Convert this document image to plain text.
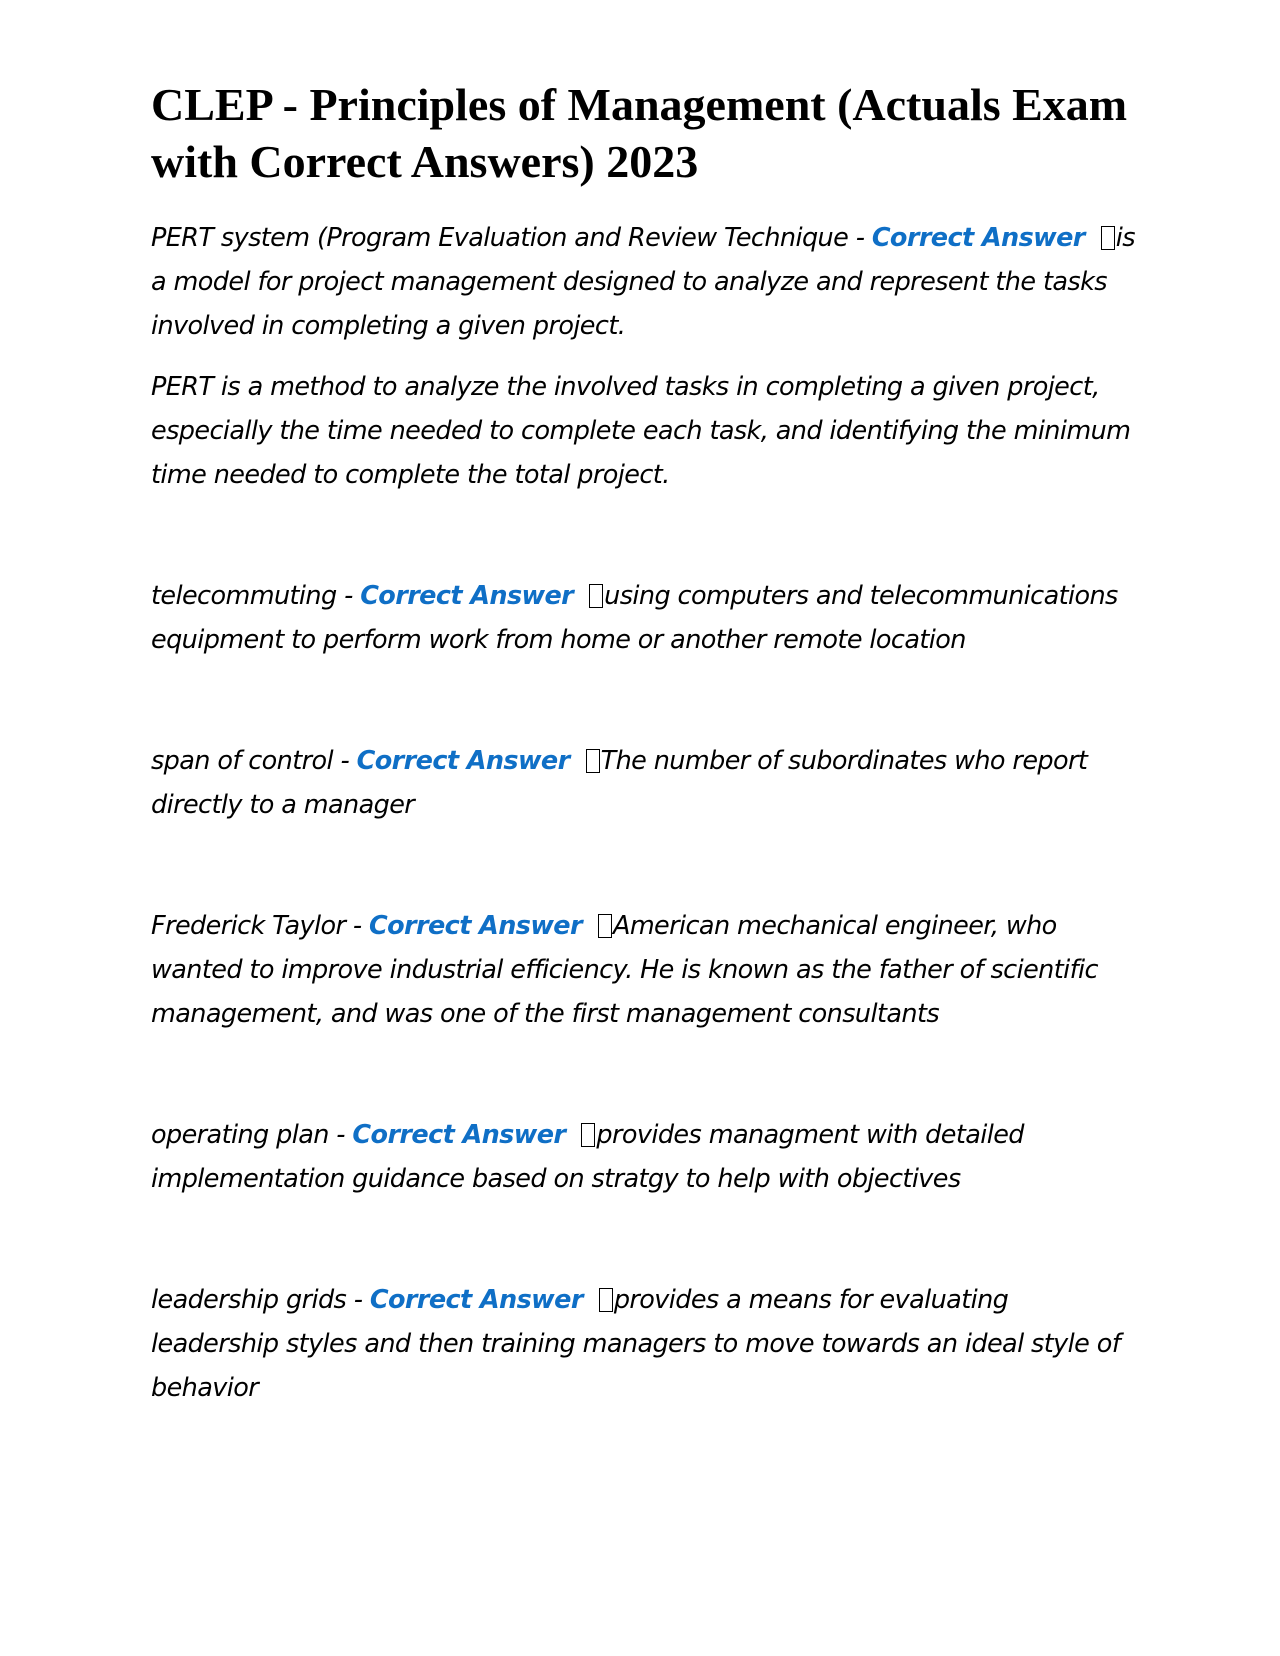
CLEP - Principles of Management (Actuals Exam with Correct Answers) 2023

PERT system (Program Evaluation and Review Technique - Correct Answer is a model for project management designed to analyze and represent the tasks involved in completing a given project.

PERT is a method to analyze the involved tasks in completing a given project, especially the time needed to complete each task, and identifying the minimum time needed to complete the total project.

telecommuting - Correct Answer using computers and telecommunications equipment to perform work from home or another remote location

span of control - Correct Answer The number of subordinates who report directly to a manager

Frederick Taylor - Correct Answer American mechanical engineer, who wanted to improve industrial efficiency. He is known as the father of scientific management, and was one of the first management consultants

operating plan - Correct Answer provides managment with detailed implementation guidance based on stratgy to help with objectives

leadership grids - Correct Answer provides a means for evaluating leadership styles and then training managers to move towards an ideal style of behavior
